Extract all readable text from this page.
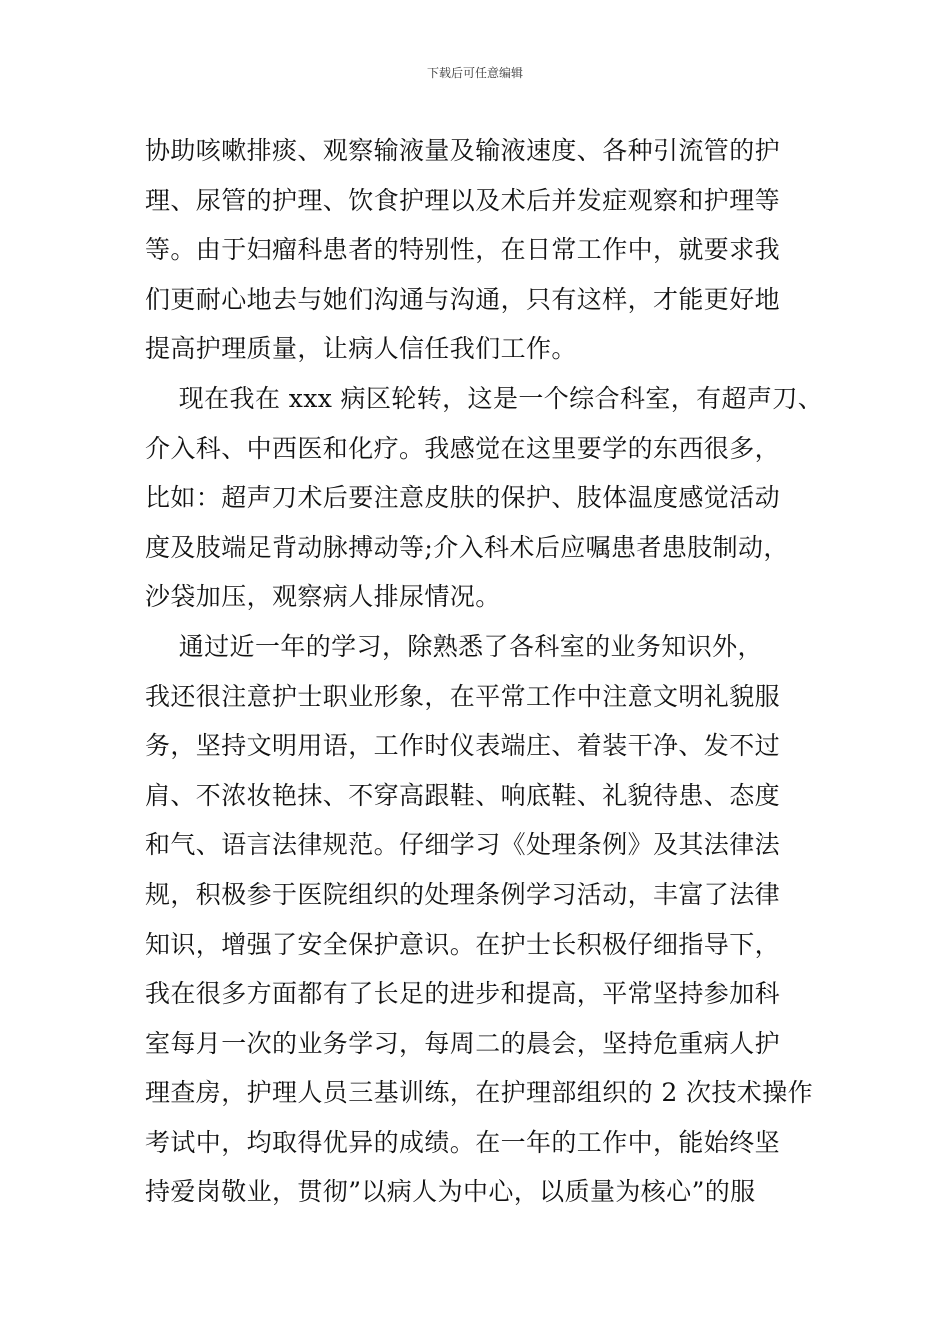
下载后可任意编辑
协助咳嗽排痰、观察输液量及输液速度、各种引流管的护
理、尿管的护理、饮食护理以及术后并发症观察和护理等
等。由于妇瘤科患者的特别性，在日常工作中，就要求我
们更耐心地去与她们沟通与沟通，只有这样，才能更好地
提高护理质量，让病人信任我们工作。
　 现在我在 xxx 病区轮转，这是一个综合科室，有超声刀、
介入科、中西医和化疗。我感觉在这里要学的东西很多，
比如：超声刀术后要注意皮肤的保护、肢体温度感觉活动
度及肢端足背动脉搏动等;介入科术后应嘱患者患肢制动，
沙袋加压，观察病人排尿情况。
　 通过近一年的学习，除熟悉了各科室的业务知识外，
我还很注意护士职业形象，在平常工作中注意文明礼貌服
务，坚持文明用语，工作时仪表端庄、着装干净、发不过
肩、不浓妆艳抹、不穿高跟鞋、响底鞋、礼貌待患、态度
和气、语言法律规范。仔细学习《处理条例》及其法律法
规，积极参于医院组织的处理条例学习活动，丰富了法律
知识，增强了安全保护意识。在护士长积极仔细指导下，
我在很多方面都有了长足的进步和提高，平常坚持参加科
室每月一次的业务学习，每周二的晨会，坚持危重病人护
理查房，护理人员三基训练，在护理部组织的 2 次技术操作
考试中，均取得优异的成绩。在一年的工作中，能始终坚
持爱岗敬业，贯彻”以病人为中心，以质量为核心”的服
